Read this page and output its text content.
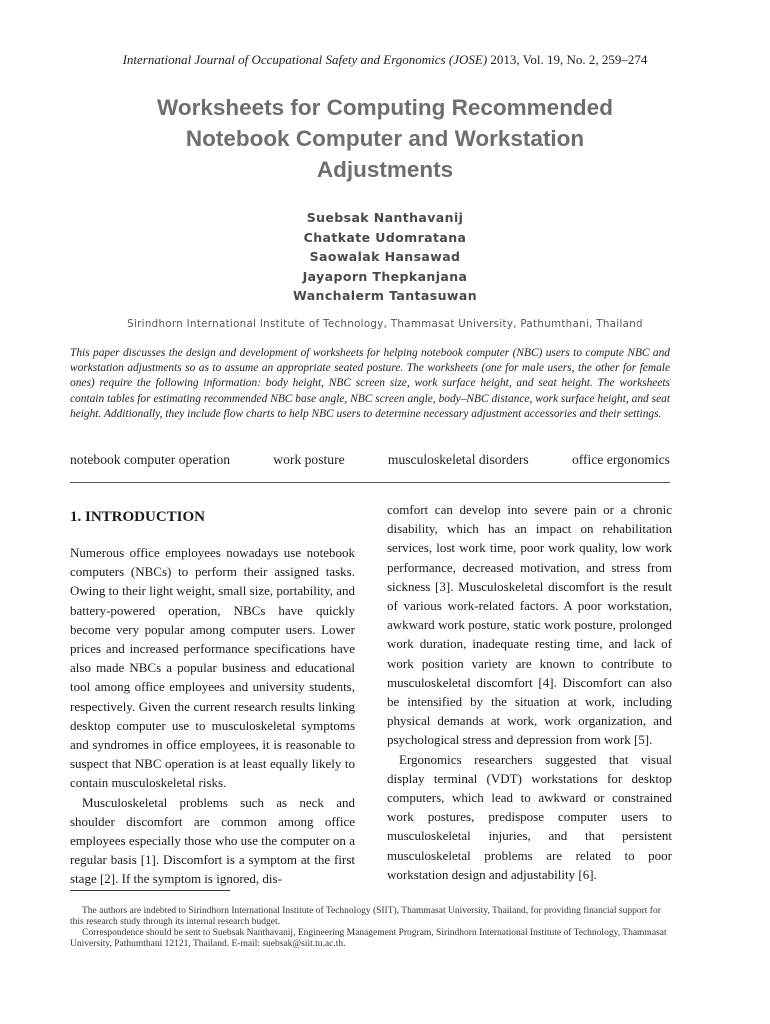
International Journal of Occupational Safety and Ergonomics (JOSE) 2013, Vol. 19, No. 2, 259–274
Worksheets for Computing Recommended
Notebook Computer and Workstation
Adjustments
Suebsak Nanthavanij
Chatkate Udomratana
Saowalak Hansawad
Jayaporn Thepkanjana
Wanchalerm Tantasuwan
Sirindhorn International Institute of Technology, Thammasat University, Pathumthani, Thailand
This paper discusses the design and development of worksheets for helping notebook computer (NBC) users to compute NBC and workstation adjustments so as to assume an appropriate seated posture. The worksheets (one for male users, the other for female ones) require the following information: body height, NBC screen size, work surface height, and seat height. The worksheets contain tables for estimating recommended NBC base angle, NBC screen angle, body–NBC distance, work surface height, and seat height. Additionally, they include flow charts to help NBC users to determine necessary adjustment accessories and their settings.
notebook computer operation	work posture	musculoskeletal disorders	office ergonomics
1. INTRODUCTION

Numerous office employees nowadays use notebook computers (NBCs) to perform their assigned tasks. Owing to their light weight, small size, portability, and battery-powered operation, NBCs have quickly become very popular among computer users. Lower prices and increased performance specifications have also made NBCs a popular business and educational tool among office employees and university students, respectively. Given the current research results linking desktop computer use to musculoskeletal symptoms and syndromes in office employees, it is reasonable to suspect that NBC operation is at least equally likely to contain musculoskeletal risks.

Musculoskeletal problems such as neck and shoulder discomfort are common among office employees especially those who use the computer on a regular basis [1]. Discomfort is a symptom at the first stage [2]. If the symptom is ignored, dis-

comfort can develop into severe pain or a chronic disability, which has an impact on rehabilitation services, lost work time, poor work quality, low work performance, decreased motivation, and stress from sickness [3]. Musculoskeletal discomfort is the result of various work-related factors. A poor workstation, awkward work posture, static work posture, prolonged work duration, inadequate resting time, and lack of work position variety are known to contribute to musculoskeletal discomfort [4]. Discomfort can also be intensified by the situation at work, including physical demands at work, work organization, and psychological stress and depression from work [5].

Ergonomics researchers suggested that visual display terminal (VDT) workstations for desktop computers, which lead to awkward or constrained work postures, predispose computer users to musculoskeletal injuries, and that persistent musculoskeletal problems are related to poor workstation design and adjustability [6].

The authors are indebted to Sirindhorn International Institute of Technology (SIIT), Thammasat University, Thailand, for providing financial support for this research study through its internal research budget.

Correspondence should be sent to Suebsak Nanthavanij, Engineering Management Program, Sirindhorn International Institute of Technology, Thammasat University, Pathumthani 12121, Thailand. E-mail: suebsak@siit.tu.ac.th.
